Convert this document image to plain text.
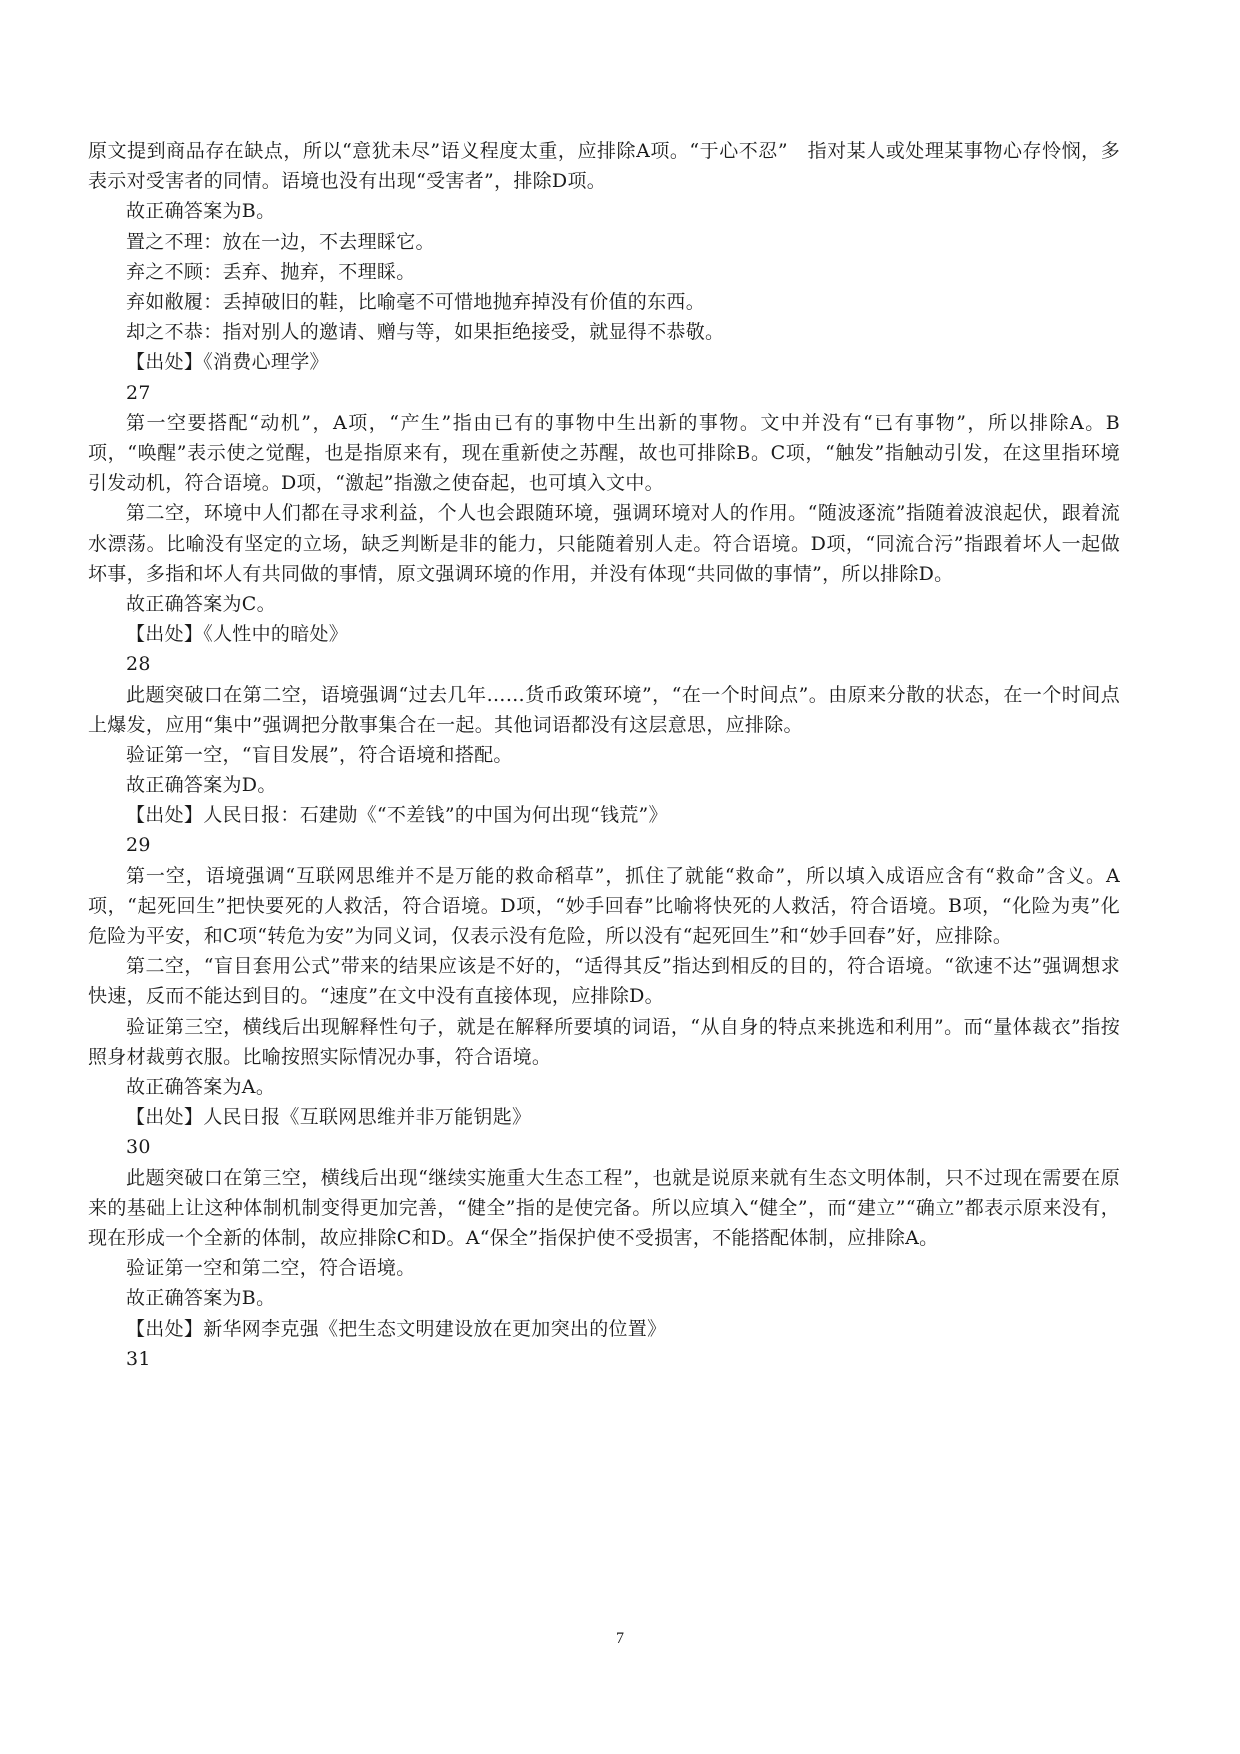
原文提到商品存在缺点，所以“意犹未尽”语义程度太重，应排除A项。“于心不忍”　指对某人或处理某事物心存怜悯，多表示对受害者的同情。语境也没有出现“受害者”，排除D项。

故正确答案为B。
置之不理：放在一边，不去理睬它。
弃之不顾：丢弃、抛弃，不理睬。
弃如敝履：丢掉破旧的鞋，比喻毫不可惜地抛弃掉没有价值的东西。
却之不恭：指对别人的邀请、赠与等，如果拒绝接受，就显得不恭敬。
【出处】《消费心理学》
27

第一空要搭配“动机”，A项，“产生”指由已有的事物中生出新的事物。文中并没有“已有事物”，所以排除A。B项，“唤醒”表示使之觉醒，也是指原来有，现在重新使之苏醒，故也可排除B。C项，“触发”指触动引发，在这里指环境引发动机，符合语境。D项，“激起”指激之使奋起，也可填入文中。

第二空，环境中人们都在寻求利益，个人也会跟随环境，强调环境对人的作用。“随波逐流”指随着波浪起伏，跟着流水漂荡。比喻没有坚定的立场，缺乏判断是非的能力，只能随着别人走。符合语境。D项，“同流合污”指跟着坏人一起做坏事，多指和坏人有共同做的事情，原文强调环境的作用，并没有体现“共同做的事情”，所以排除D。

故正确答案为C。
【出处】《人性中的暗处》
28

此题突破口在第二空，语境强调“过去几年……货币政策环境”，“在一个时间点”。由原来分散的状态，在一个时间点上爆发，应用“集中”强调把分散事集合在一起。其他词语都没有这层意思，应排除。

验证第一空，“盲目发展”，符合语境和搭配。
故正确答案为D。
【出处】人民日报：石建勋《“不差钱”的中国为何出现“钱荒”》
29

第一空，语境强调“互联网思维并不是万能的救命稻草”，抓住了就能“救命”，所以填入成语应含有“救命”含义。A项，“起死回生”把快要死的人救活，符合语境。D项，“妙手回春”比喻将快死的人救活，符合语境。B项，“化险为夷”化危险为平安，和C项“转危为安”为同义词，仅表示没有危险，所以没有“起死回生”和“妙手回春”好，应排除。

第二空，“盲目套用公式”带来的结果应该是不好的，“适得其反”指达到相反的目的，符合语境。“欲速不达”强调想求快速，反而不能达到目的。“速度”在文中没有直接体现，应排除D。

验证第三空，横线后出现解释性句子，就是在解释所要填的词语，“从自身的特点来挑选和利用”。而“量体裁衣”指按照身材裁剪衣服。比喻按照实际情况办事，符合语境。

故正确答案为A。
【出处】人民日报《互联网思维并非万能钥匙》
30

此题突破口在第三空，横线后出现“继续实施重大生态工程”，也就是说原来就有生态文明体制，只不过现在需要在原来的基础上让这种体制机制变得更加完善，“健全”指的是使完备。所以应填入“健全”，而“建立”“确立”都表示原来没有，现在形成一个全新的体制，故应排除C和D。A“保全”指保护使不受损害，不能搭配体制，应排除A。

验证第一空和第二空，符合语境。
故正确答案为B。
【出处】新华网李克强《把生态文明建设放在更加突出的位置》
31
7
